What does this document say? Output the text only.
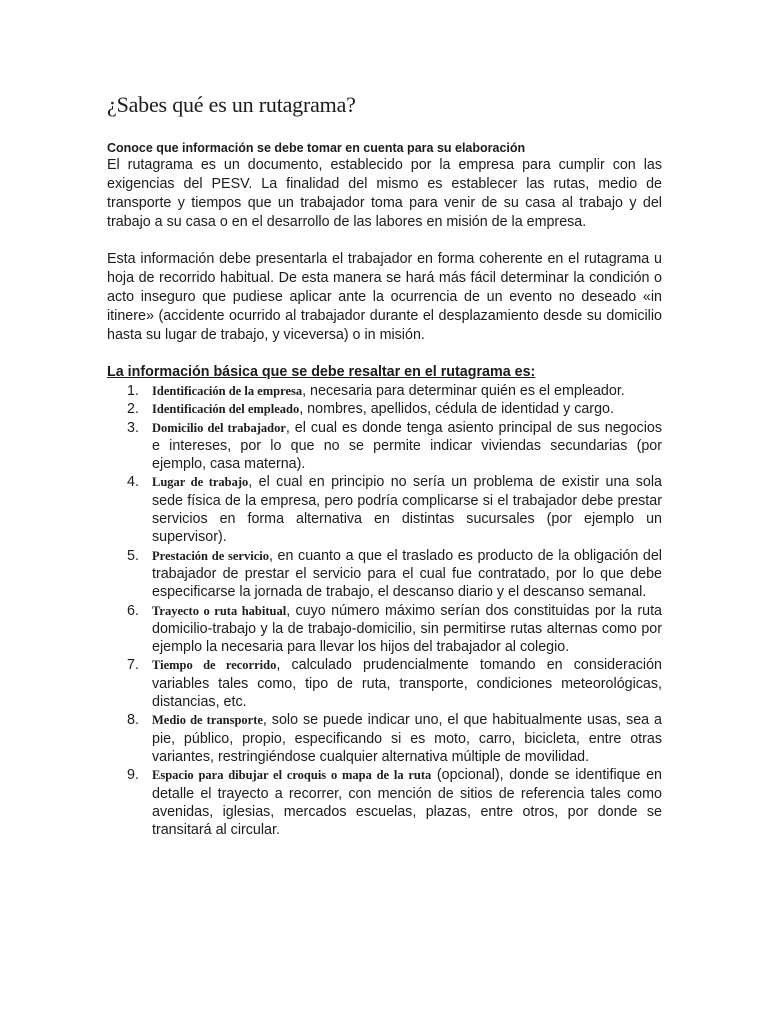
¿Sabes qué es un rutagrama?

Conoce que información se debe tomar en cuenta para su elaboración

El rutagrama es un documento, establecido por la empresa para cumplir con las exigencias del PESV. La finalidad del mismo es establecer las rutas, medio de transporte y tiempos que un trabajador toma para venir de su casa al trabajo y del trabajo a su casa o en el desarrollo de las labores en misión de la empresa.

Esta información debe presentarla el trabajador en forma coherente en el rutagrama u hoja de recorrido habitual. De esta manera se hará más fácil determinar la condición o acto inseguro que pudiese aplicar ante la ocurrencia de un evento no deseado «in itinere» (accidente ocurrido al trabajador durante el desplazamiento desde su domicilio hasta su lugar de trabajo, y viceversa) o in misión.

La información básica que se debe resaltar en el rutagrama es:

1. Identificación de la empresa, necesaria para determinar quién es el empleador.
2. Identificación del empleado, nombres, apellidos, cédula de identidad y cargo.
3. Domicilio del trabajador, el cual es donde tenga asiento principal de sus negocios e intereses, por lo que no se permite indicar viviendas secundarias (por ejemplo, casa materna).
4. Lugar de trabajo, el cual en principio no sería un problema de existir una sola sede física de la empresa, pero podría complicarse si el trabajador debe prestar servicios en forma alternativa en distintas sucursales (por ejemplo un supervisor).
5. Prestación de servicio, en cuanto a que el traslado es producto de la obligación del trabajador de prestar el servicio para el cual fue contratado, por lo que debe especificarse la jornada de trabajo, el descanso diario y el descanso semanal.
6. Trayecto o ruta habitual, cuyo número máximo serían dos constituidas por la ruta domicilio-trabajo y la de trabajo-domicilio, sin permitirse rutas alternas como por ejemplo la necesaria para llevar los hijos del trabajador al colegio.
7. Tiempo de recorrido, calculado prudencialmente tomando en consideración variables tales como, tipo de ruta, transporte, condiciones meteorológicas, distancias, etc.
8. Medio de transporte, solo se puede indicar uno, el que habitualmente usas, sea a pie, público, propio, especificando si es moto, carro, bicicleta, entre otras variantes, restringiéndose cualquier alternativa múltiple de movilidad.
9. Espacio para dibujar el croquis o mapa de la ruta (opcional), donde se identifique en detalle el trayecto a recorrer, con mención de sitios de referencia tales como avenidas, iglesias, mercados escuelas, plazas, entre otros, por donde se transitará al circular.
